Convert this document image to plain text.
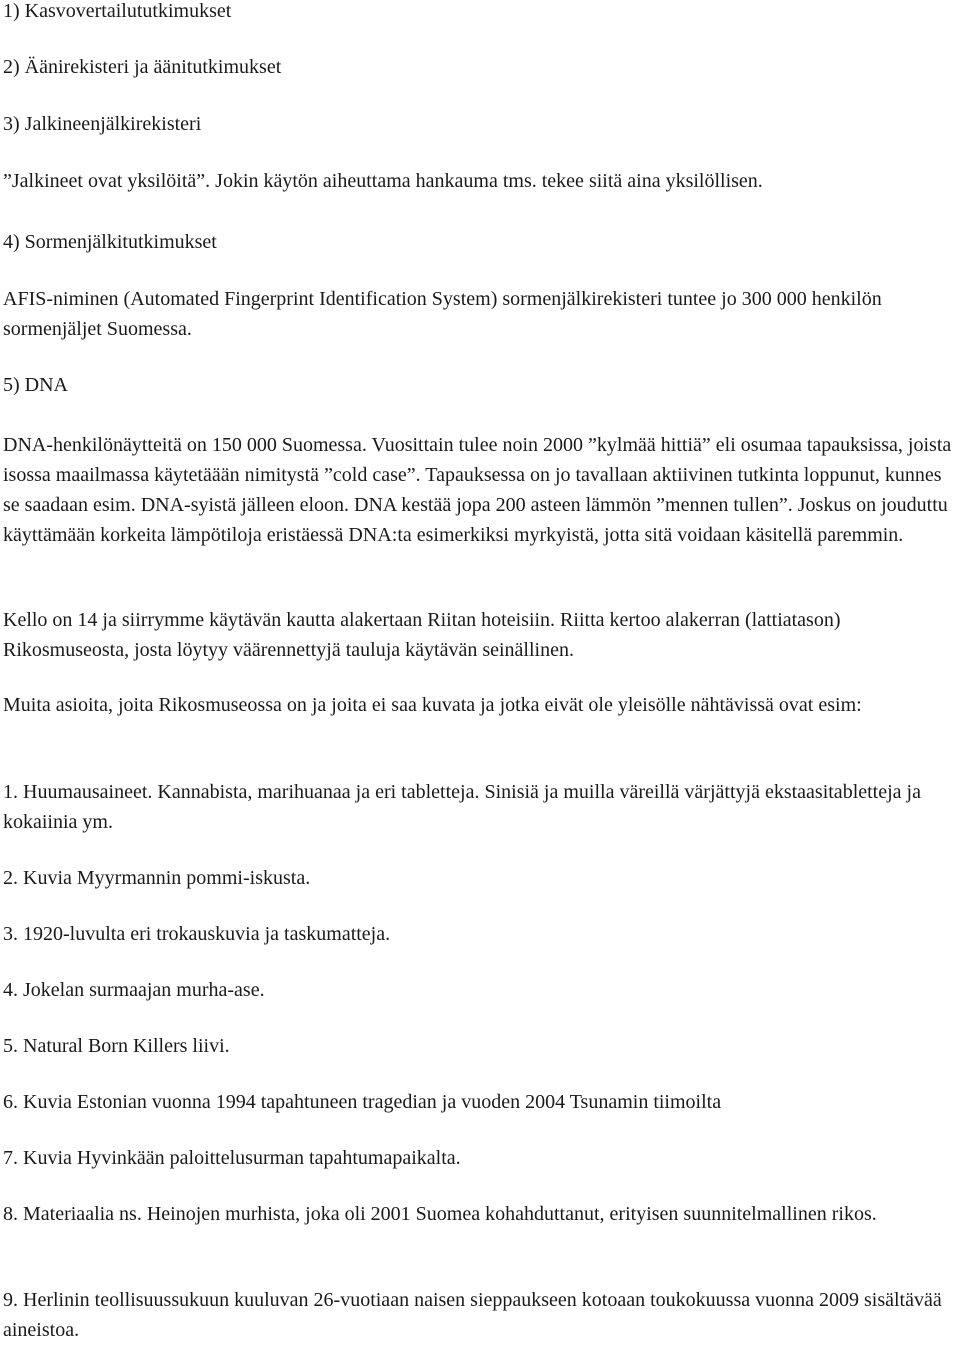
1) Kasvovertailututkimukset

2) Äänirekisteri ja äänitutkimukset

3) Jalkineenjälkirekisteri

”Jalkineet ovat yksilöitä”. Jokin käytön aiheuttama hankauma tms. tekee siitä aina yksilöllisen.

4) Sormenjälkitutkimukset

AFIS-niminen (Automated Fingerprint Identification System) sormenjälkirekisteri tuntee jo 300 000 henkilön sormenjäljet Suomessa.

5) DNA

DNA-henkilönäytteitä on 150 000 Suomessa. Vuosittain tulee noin 2000 ”kylmää hittiä” eli osumaa tapauksissa, joista isossa maailmassa käytetäään nimitystä ”cold case”. Tapauksessa on jo tavallaan aktiivinen tutkinta loppunut, kunnes se saadaan esim. DNA-syistä jälleen eloon. DNA kestää jopa 200 asteen lämmön ”mennen tullen”. Joskus on jouduttu käyttämään korkeita lämpötiloja eristäessä DNA:ta esimerkiksi myrkyistä, jotta sitä voidaan käsitellä paremmin.

Kello on 14 ja siirrymme käytävän kautta alakertaan Riitan hoteisiin. Riitta kertoo alakerran (lattiatason) Rikosmuseosta, josta löytyy väärennettyjä tauluja käytävän seinällinen.

Muita asioita, joita Rikosmuseossa on ja joita ei saa kuvata ja jotka eivät ole yleisölle nähtävissä ovat esim:

1. Huumausaineet. Kannabista, marihuanaa ja eri tabletteja. Sinisiä ja muilla väreillä värjättyjä ekstaasitabletteja ja kokaiinia ym.

2. Kuvia Myyrmannin pommi-iskusta.

3. 1920-luvulta eri trokauskuvia ja taskumatteja.

4. Jokelan surmaajan murha-ase.

5. Natural Born Killers liivi.

6. Kuvia Estonian vuonna 1994 tapahtuneen tragedian ja vuoden 2004 Tsunamin tiimoilta

7. Kuvia Hyvinkään paloittelusurman tapahtumapaikalta.

8. Materiaalia ns. Heinojen murhista, joka oli 2001 Suomea kohahduttanut, erityisen suunnitelmallinen rikos.

9. Herlinin teollisuussukuun kuuluvan 26-vuotiaan naisen sieppaukseen kotoaan toukokuussa vuonna 2009 sisältävää aineistoa.
